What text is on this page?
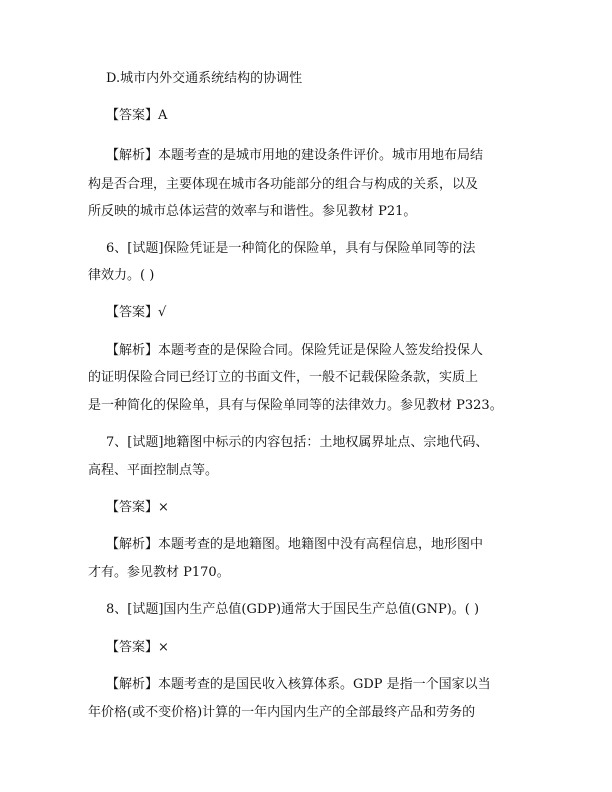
D.城市内外交通系统结构的协调性
【答案】A
【解析】本题考查的是城市用地的建设条件评价。城市用地布局结
构是否合理，主要体现在城市各功能部分的组合与构成的关系，以及
所反映的城市总体运营的效率与和谐性。参见教材 P21。
6、[试题]保险凭证是一种简化的保险单，具有与保险单同等的法
律效力。( )
【答案】√
【解析】本题考查的是保险合同。保险凭证是保险人签发给投保人
的证明保险合同已经订立的书面文件，一般不记载保险条款，实质上
是一种简化的保险单，具有与保险单同等的法律效力。参见教材 P323。
7、[试题]地籍图中标示的内容包括：土地权属界址点、宗地代码、
高程、平面控制点等。
【答案】×
【解析】本题考查的是地籍图。地籍图中没有高程信息，地形图中
才有。参见教材 P170。
8、[试题]国内生产总值(GDP)通常大于国民生产总值(GNP)。( )
【答案】×
【解析】本题考查的是国民收入核算体系。GDP 是指一个国家以当
年价格(或不变价格)计算的一年内国内生产的全部最终产品和劳务的
